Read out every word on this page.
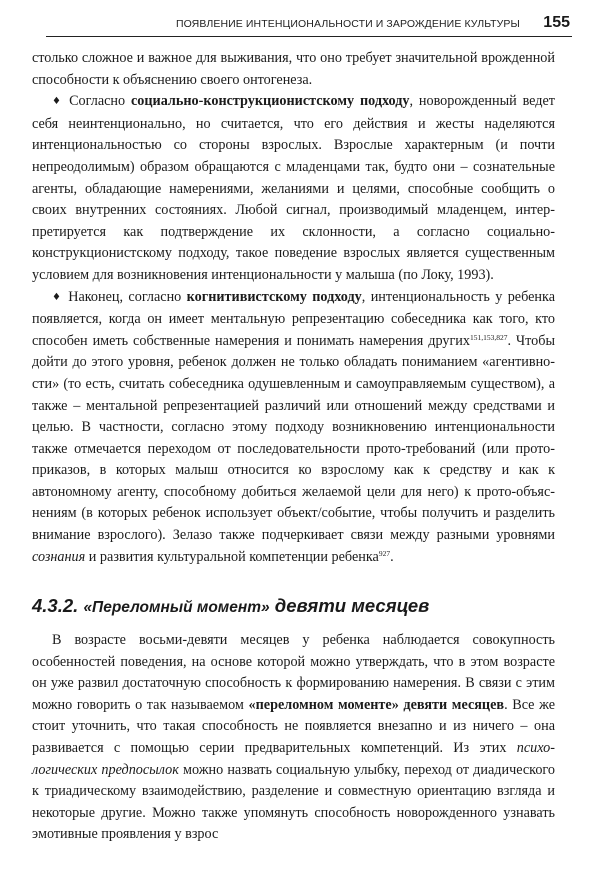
ПОЯВЛЕНИЕ ИНТЕНЦИОНАЛЬНОСТИ И ЗАРОЖДЕНИЕ КУЛЬТУРЫ 155

столько сложное и важное для выживания, что оно требует значительной врожденной способности к объяснению своего онтогенеза.

♦ Согласно социально-конструкционистскому подходу, новорожденный ведет себя неинтенционально, но считается, что его действия и жесты наделяются интенциональностью со стороны взрослых. Взрослые характерным (и почти непреодолимым) образом обращаются с младенцами так, будто они – сознательные агенты, обладающие намерениями, желаниями и целями, способные сообщить о своих внутренних состояниях. Любой сигнал, производимый младенцем, интерпретируется как подтверждение их склонности, а согласно социально-конструкционистскому подходу, такое поведение взрослых является существенным условием для возникновения интенциональности у малыша (по Локу, 1993).

♦ Наконец, согласно когнитивистскому подходу, интенциональность у ребенка появляется, когда он имеет ментальную репрезентацию собеседника как того, кто способен иметь собственные намерения и понимать намерения других$^{151,153,827}$. Чтобы дойти до этого уровня, ребенок должен не только обладать пониманием «агентивности» (то есть, считать собеседника одушевленным и самоуправляемым существом), а также – ментальной репрезентацией различий или отношений между средствами и целью. В частности, согласно этому подходу возникновению интенциональности также отмечается переходом от последовательности прото-требований (или прото-приказов, в которых малыш относится ко взрослому как к средству и как к автономному агенту, способному добиться желаемой цели для него) к прото-объяснениям (в которых ребенок использует объект/событие, чтобы получить и разделить внимание взрослого). Зелазо также подчеркивает связи между разными уровнями сознания и развития культуральной компетенции ребенка$^{927}$.

4.3.2. «Переломный момент» девяти месяцев

В возрасте восьми-девяти месяцев у ребенка наблюдается совокупность особенностей поведения, на основе которой можно утверждать, что в этом возрасте он уже развил достаточную способность к формированию намерения. В связи с этим можно говорить о так называемом «переломном моменте» девяти месяцев. Все же стоит уточнить, что такая способность не появляется внезапно и из ничего – она развивается с помощью серии предварительных компетенций. Из этих психологических предпосылок можно назвать социальную улыбку, переход от диадического к триадическому взаимодействию, разделение и совместную ориентацию взгляда и некоторые другие. Можно также упомянуть способность новорожденного узнавать эмотивные проявления у взрос
